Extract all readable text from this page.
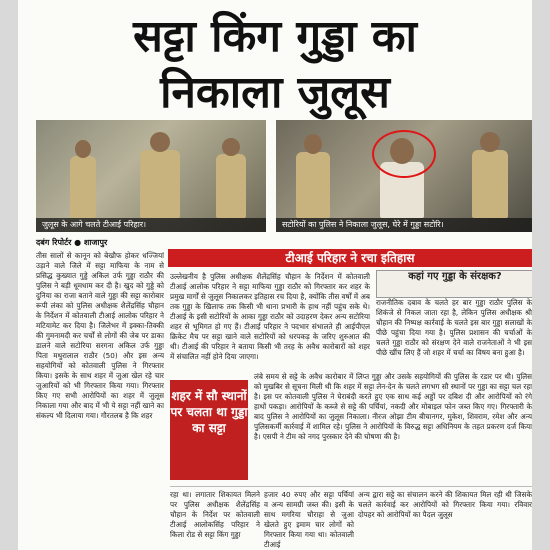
सट्टा किंग गुड्डा का
निकाला जुलूस
जुलूस के आगे चलते टीआई परिहार।	सटोरियों का पुलिस ने निकाला जुलूस, घेरे में गुड्डा सटोरि।
दबंग रिपोर्टर ● शाजापुर
टीआई परिहार ने रचा इतिहास
तीस सालों से कानून को बेखौफ होकर धज्जियां उड़ाने वाले जिले में सट्टा माफिया के नाम से प्रसिद्ध कुख्यात गुड्डे अकिल उर्फ गुड्डा राठौर की पुलिस ने बड़ी धूमधाम कर दी है। खुद को गुड्डे को दुनिया का राजा बताने वाले गुड्डा की सट्टा कारोबार रूपी लंका को पुलिस अधीक्षक शैलेंद्रसिंह चौहान के निर्देशन में कोतवाली टीआई आलोक परिहार ने मटियामेट कर दिया है। जिलेभर में इक्का-तिक्की की गुमनामदी कर चर्चों से लोगों की जेब पर डाका डालने वाले सटोरिया सरगना अकिल उर्फ गुड्डा पिता मथुरालाल राठौर (50) और इस अन्य सहयोगियों को कोतवाली पुलिस ने गिरफ्तार किया। इसके के साथ शहर में जुआ खेल रहे चार जुआरियों को भी गिरफ्तार किया गया। गिरफ्तार किए गए सभी आरोपियों का शहर में जुलूस निकाला गया और बाद में भी ये सट्टा नहीं खाने का संकल्प भी दिलाया गया। गौरतलब है कि शहर
उल्लेखनीय है पुलिस अधीक्षक शैलेंद्रसिंह चौहान के निर्देशन में कोतवाली टीआई आलोक परिहार ने सट्टा माफिया गुड्डा राठौर को गिरफ्तार कर शहर के प्रमुख मार्गों से जुलूस निकालकर इतिहास रच दिया है, क्योंकि तीस वर्षों में अब तक गुड्डा के खिलाफ तक किसी भी थाना प्रभारी के हाथ नहीं पहुंच सके थे। टीआई के इसी सटोरियों के आका गुड्डा राठौर को उदाहरण देकर अन्य सटोरिया शहर से भूमिगत हो गए हैं। टीआई परिहार ने पदभार संभालते ही आईपीएल क्रिकेट मैच पर सट्टा खाने वाले सटोरियों को धरपकड़ के जरिए शुरुआत की थी। टीआई की परिहार ने बताया किसी भी तरह के अवैध कारोबारों को शहर में संचालित नहीं होने दिया जाएगा।
कहां गए गुड्डा के संरक्षक?
राजनीतिक दबाव के चलते हर बार गुड्डा राठौर पुलिस के शिकंजे से निकल जाता रहा है, लेकिन पुलिस अधीक्षक श्री चौहान की निष्पक्ष कार्रवाई के चलते इस बार गुड्डा सलाखों के पीछे पहुंचा दिया गया है। पुलिस प्रशासन की चर्चाओं के चलते गुड्डा राठौर को संरक्षण देने वाले राजनेताओं ने भी इस पीछे खींच लिए हैं जो शहर में चर्चा का विषय बना हुआ है।
शहर में सौ स्थानों पर चलता था गुड्डा का सट्टा
लंबे समय से सट्टे के अवैध कारोबार में लिप्त गुड्डा और उसके सहयोगियों की पुलिस के रडार पर थी। पुलिस को मुखबिर से सूचना मिली थी कि शहर में सट्टा लेन-देन के चलते लगभग सौ स्थानों पर गुड्डा का सट्टा चल रहा है। इस पर कोतवाली पुलिस ने घेराबंदी करते हुए एक साथ कई अड्डों पर दबिश दी और आरोपियों को रंगे हाथों पकड़ा। आरोपियों के कब्जे से सट्टे की पर्चियां, नकदी और मोबाइल फोन जब्त किए गए। गिरफ्तारी के बाद पुलिस ने आरोपियों का जुलूस निकाला। नीरज ओझा टीम बीचानगर, मुकेश, शिवराम, रमेश और अन्य पुलिसकर्मी कार्रवाई में शामिल रहे। पुलिस ने आरोपियों के विरुद्ध सट्टा अधिनियम के तहत प्रकरण दर्ज किया है। एसपी ने टीम को नगद पुरस्कार देने की घोषणा की है।
रहा था। लगातार शिकायत मिलने पर पुलिस अधीक्षक शैलेंद्रसिंह चौहान के निर्देश पर कोतवाली टीआई आलोकसिंह परिहार ने किला रोड से सट्टा किंग गुड्डा
हजार 40 रुपए और सट्टा पर्चियां व अन्य सामग्री जब्त की। इसी के साथ मगरिया चौराहा से जुआ खेलते हुए इमाम चार लोगों को गिरफ्तार किया गया था। कोतवाली टीआई
अन्य द्वारा सट्टे का संचालन करने की शिकायत मिल रही थी जिसके चलते कार्रवाई कर आरोपियों को गिरफ्तार किया गया। रविवार दोपहर को आरोपियों का पैदल जुलूस
